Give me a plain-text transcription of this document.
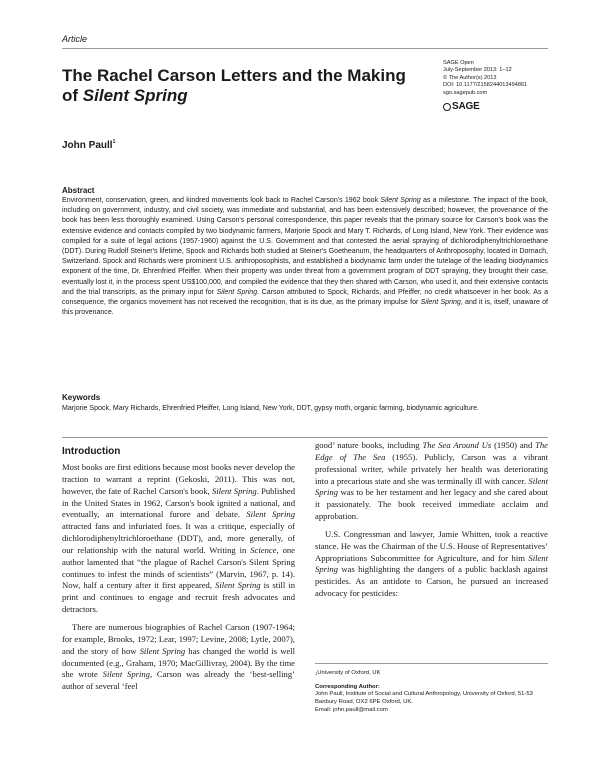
Article
The Rachel Carson Letters and the Making of Silent Spring
SAGE Open
July-September 2013: 1–12
© The Author(s) 2013
DOI: 10.1177/2158244013494861
sgo.sagepub.com
SAGE
John Paull$^1$
Abstract
Environment, conservation, green, and kindred movements look back to Rachel Carson's 1962 book Silent Spring as a milestone. The impact of the book, including on government, industry, and civil society, was immediate and substantial, and has been extensively described; however, the provenance of the book has been less thoroughly examined. Using Carson's personal correspondence, this paper reveals that the primary source for Carson's book was the extensive evidence and contacts compiled by two biodynamic farmers, Marjorie Spock and Mary T. Richards, of Long Island, New York. Their evidence was compiled for a suite of legal actions (1957-1960) against the U.S. Government and that contested the aerial spraying of dichlorodiphenyltrichloroethane (DDT). During Rudolf Steiner's lifetime, Spock and Richards both studied at Steiner's Goetheanum, the headquarters of Anthroposophy, located in Dornach, Switzerland. Spock and Richards were prominent U.S. anthroposophists, and established a biodynamic farm under the tutelage of the leading biodynamics exponent of the time, Dr. Ehrenfried Pfeiffer. When their property was under threat from a government program of DDT spraying, they brought their case, eventually lost it, in the process spent US$100,000, and compiled the evidence that they then shared with Carson, who used it, and their extensive contacts and the trial transcripts, as the primary input for Silent Spring. Carson attributed to Spock, Richards, and Pfeiffer, no credit whatsoever in her book. As a consequence, the organics movement has not received the recognition, that is its due, as the primary impulse for Silent Spring, and it is, itself, unaware of this provenance.
Keywords
Marjorie Spock, Mary Richards, Ehrenfried Pfeiffer, Long Island, New York, DDT, gypsy moth, organic farming, biodynamic agriculture.
Introduction

Most books are first editions because most books never develop the traction to warrant a reprint (Gekoski, 2011). This was not, however, the fate of Rachel Carson's book, Silent Spring. Published in the United States in 1962, Carson's book ignited a national, and eventually, an international furore and debate. Silent Spring attracted fans and infuriated foes. It was a critique, especially of dichlorodiphenyltrichloroethane (DDT), and, more generally, of our relationship with the natural world. Writing in Science, one author lamented that “the plague of Rachel Carson's Silent Spring continues to infest the minds of scientists” (Marvin, 1967, p. 14). Now, half a century after it first appeared, Silent Spring is still in print and continues to engage and recruit fresh advocates and detractors.

There are numerous biographies of Rachel Carson (1907-1964; for example, Brooks, 1972; Lear, 1997; Levine, 2008; Lytle, 2007), and the story of how Silent Spring has changed the world is well documented (e.g., Graham, 1970; MacGillivray, 2004). By the time she wrote Silent Spring, Carson was already the ‘best-selling’ author of several ‘feel

good’ nature books, including The Sea Around Us (1950) and The Edge of The Sea (1955). Publicly, Carson was a vibrant professional writer, while privately her health was deteriorating into a precarious state and she was terminally ill with cancer. Silent Spring was to be her testament and her legacy and she cared about it passionately. The book received immediate acclaim and approbation.

U.S. Congressman and lawyer, Jamie Whitten, took a reactive stance. He was the Chairman of the U.S. House of Representatives’ Appropriations Subcommittee for Agriculture, and for him Silent Spring was highlighting the dangers of a public backlash against pesticides. As an antidote to Carson, he pursued an increased advocacy for pesticides:

$^1$University of Oxford, UK
Corresponding Author:
John Paull, Institute of Social and Cultural Anthropology, University of Oxford, 51-53 Banbury Road, OX2 6PE Oxford, UK.
Email: john.paull@mail.com
